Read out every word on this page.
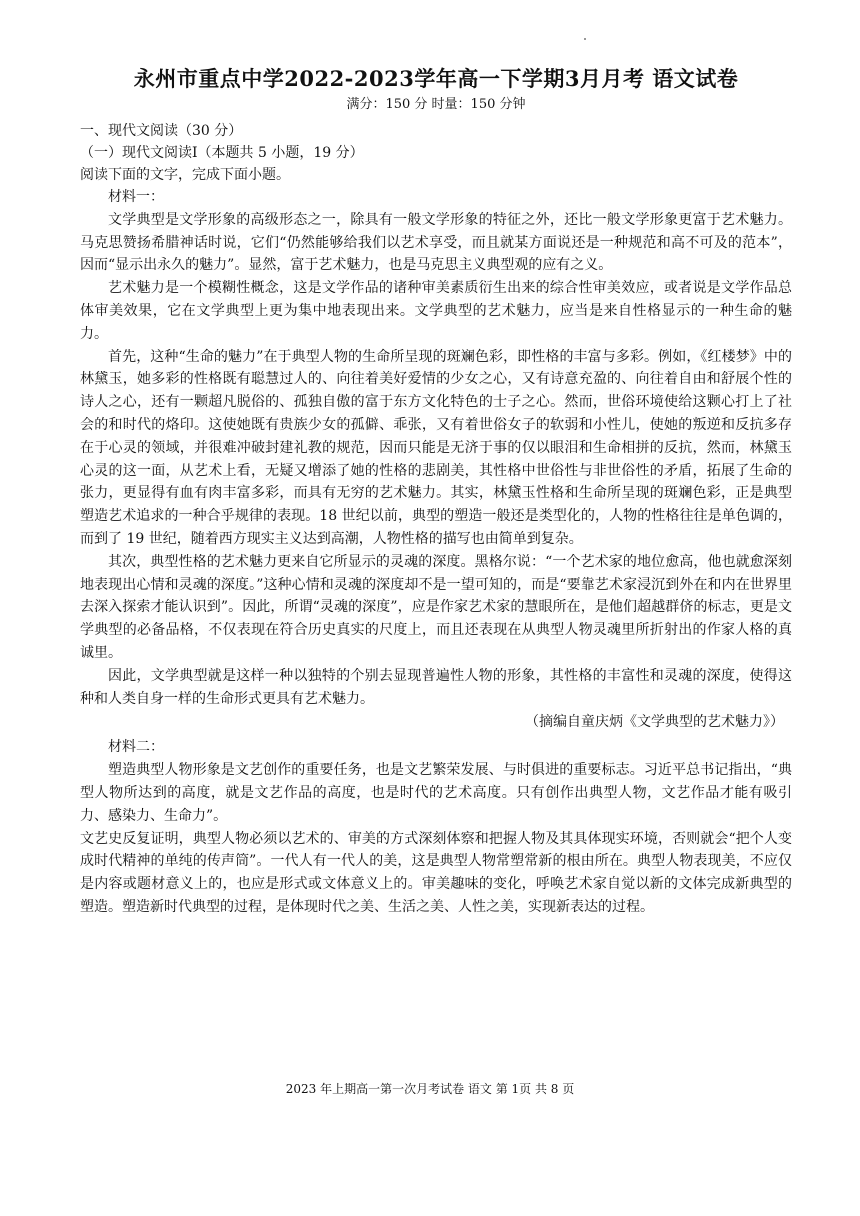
永州市重点中学2022-2023学年高一下学期3月月考 语文试卷

满分：150 分 时量：150 分钟

一、现代文阅读（30 分）

（一）现代文阅读Ⅰ（本题共 5 小题，19 分）

阅读下面的文字，完成下面小题。

材料一：

文学典型是文学形象的高级形态之一，除具有一般文学形象的特征之外，还比一般文学形象更富于艺术魅力。马克思赞扬希腊神话时说，它们“仍然能够给我们以艺术享受，而且就某方面说还是一种规范和高不可及的范本”，因而“显示出永久的魅力”。显然，富于艺术魅力，也是马克思主义典型观的应有之义。

艺术魅力是一个模糊性概念，这是文学作品的诸种审美素质衍生出来的综合性审美效应，或者说是文学作品总体审美效果，它在文学典型上更为集中地表现出来。文学典型的艺术魅力，应当是来自性格显示的一种生命的魅力。

首先，这种“生命的魅力”在于典型人物的生命所呈现的斑斓色彩，即性格的丰富与多彩。例如，《红楼梦》中的林黛玉，她多彩的性格既有聪慧过人的、向往着美好爱情的少女之心，又有诗意充盈的、向往着自由和舒展个性的诗人之心，还有一颗超凡脱俗的、孤独自傲的富于东方文化特色的士子之心。然而，世俗环境使给这颗心打上了社会的和时代的烙印。这使她既有贵族少女的孤僻、乖张，又有着世俗女子的软弱和小性儿，使她的叛逆和反抗多存在于心灵的领域，并很难冲破封建礼教的规范，因而只能是无济于事的仅以眼泪和生命相拼的反抗，然而，林黛玉心灵的这一面，从艺术上看，无疑又增添了她的性格的悲剧美，其性格中世俗性与非世俗性的矛盾，拓展了生命的张力，更显得有血有肉丰富多彩，而具有无穷的艺术魅力。其实，林黛玉性格和生命所呈现的斑斓色彩，正是典型塑造艺术追求的一种合乎规律的表现。18 世纪以前，典型的塑造一般还是类型化的，人物的性格往往是单色调的，而到了 19 世纪，随着西方现实主义达到高潮，人物性格的描写也由简单到复杂。

其次，典型性格的艺术魅力更来自它所显示的灵魂的深度。黑格尔说：“一个艺术家的地位愈高，他也就愈深刻地表现出心情和灵魂的深度。”这种心情和灵魂的深度却不是一望可知的，而是“要靠艺术家浸沉到外在和内在世界里去深入探索才能认识到”。因此，所谓“灵魂的深度”，应是作家艺术家的慧眼所在，是他们超越群侪的标志，更是文学典型的必备品格，不仅表现在符合历史真实的尺度上，而且还表现在从典型人物灵魂里所折射出的作家人格的真诚里。

因此，文学典型就是这样一种以独特的个别去显现普遍性人物的形象，其性格的丰富性和灵魂的深度，使得这种和人类自身一样的生命形式更具有艺术魅力。

（摘编自童庆炳《文学典型的艺术魅力》）

材料二：

塑造典型人物形象是文艺创作的重要任务，也是文艺繁荣发展、与时俱进的重要标志。习近平总书记指出，“典型人物所达到的高度，就是文艺作品的高度，也是时代的艺术高度。只有创作出典型人物，文艺作品才能有吸引力、感染力、生命力”。

文艺史反复证明，典型人物必须以艺术的、审美的方式深刻体察和把握人物及其具体现实环境，否则就会“把个人变成时代精神的单纯的传声筒”。一代人有一代人的美，这是典型人物常塑常新的根由所在。典型人物表现美，不应仅是内容或题材意义上的，也应是形式或文体意义上的。审美趣味的变化，呼唤艺术家自觉以新的文体完成新典型的塑造。塑造新时代典型的过程，是体现时代之美、生活之美、人性之美，实现新表达的过程。

2023 年上期高一第一次月考试卷 语文 第 1页 共 8 页
